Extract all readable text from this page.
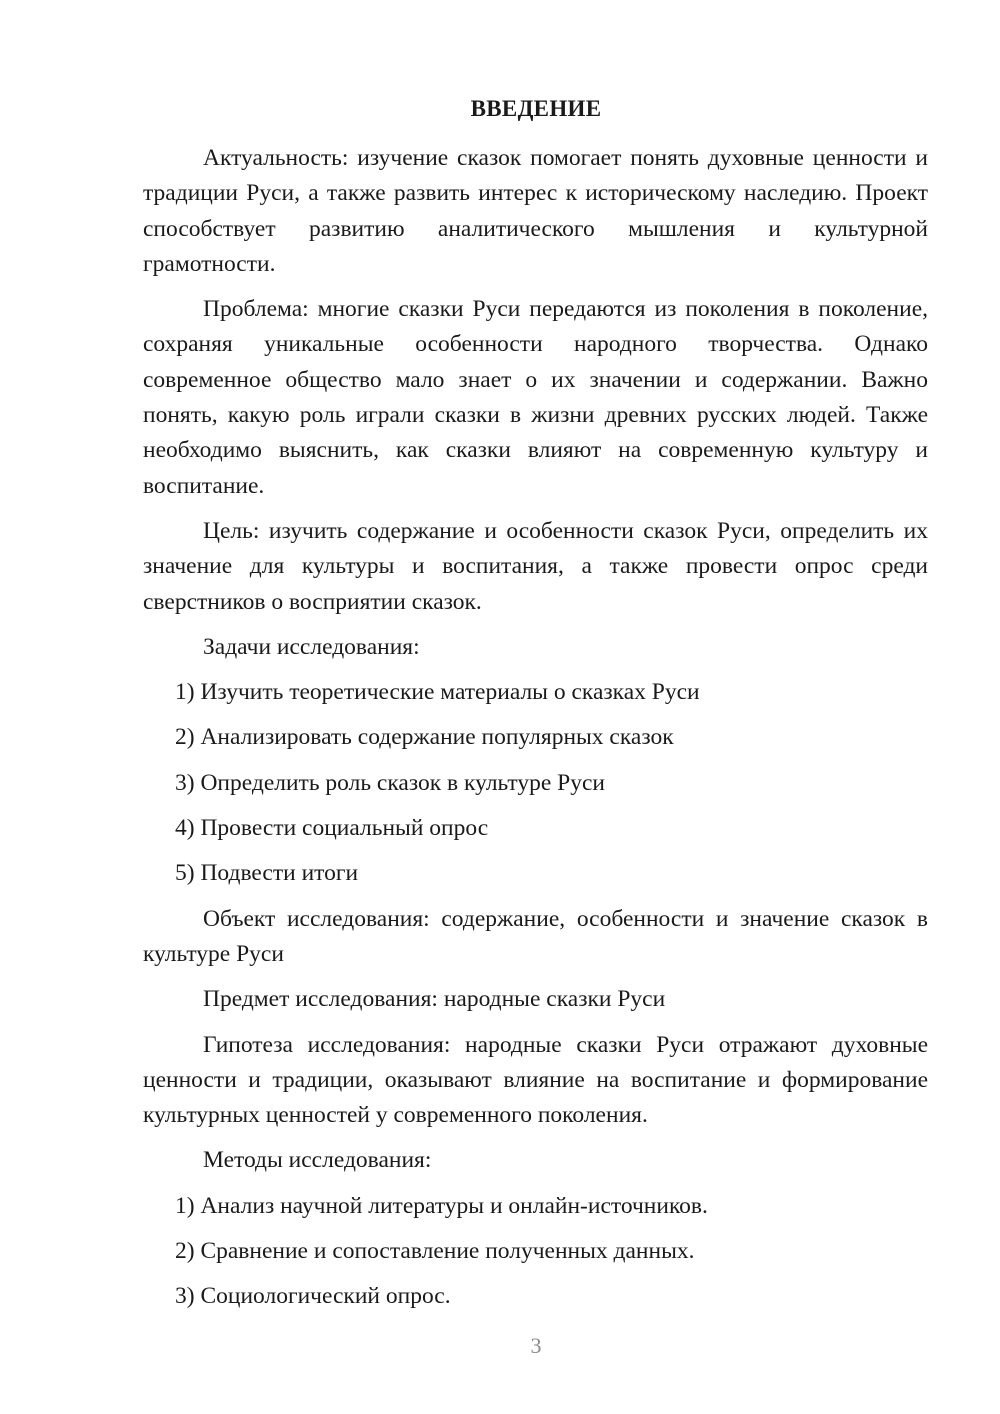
ВВЕДЕНИЕ

Актуальность: изучение сказок помогает понять духовные ценности и традиции Руси, а также развить интерес к историческому наследию. Проект способствует развитию аналитического мышления и культурной грамотности.

Проблема: многие сказки Руси передаются из поколения в поколение, сохраняя уникальные особенности народного творчества. Однако современное общество мало знает о их значении и содержании. Важно понять, какую роль играли сказки в жизни древних русских людей. Также необходимо выяснить, как сказки влияют на современную культуру и воспитание.

Цель: изучить содержание и особенности сказок Руси, определить их значение для культуры и воспитания, а также провести опрос среди сверстников о восприятии сказок.

Задачи исследования:

1) Изучить теоретические материалы о сказках Руси

2) Анализировать содержание популярных сказок

3) Определить роль сказок в культуре Руси

4) Провести социальный опрос

5) Подвести итоги

Объект исследования: содержание, особенности и значение сказок в культуре Руси

Предмет исследования: народные сказки Руси

Гипотеза исследования: народные сказки Руси отражают духовные ценности и традиции, оказывают влияние на воспитание и формирование культурных ценностей у современного поколения.

Методы исследования:

1) Анализ научной литературы и онлайн-источников.

2) Сравнение и сопоставление полученных данных.

3) Социологический опрос.

3
